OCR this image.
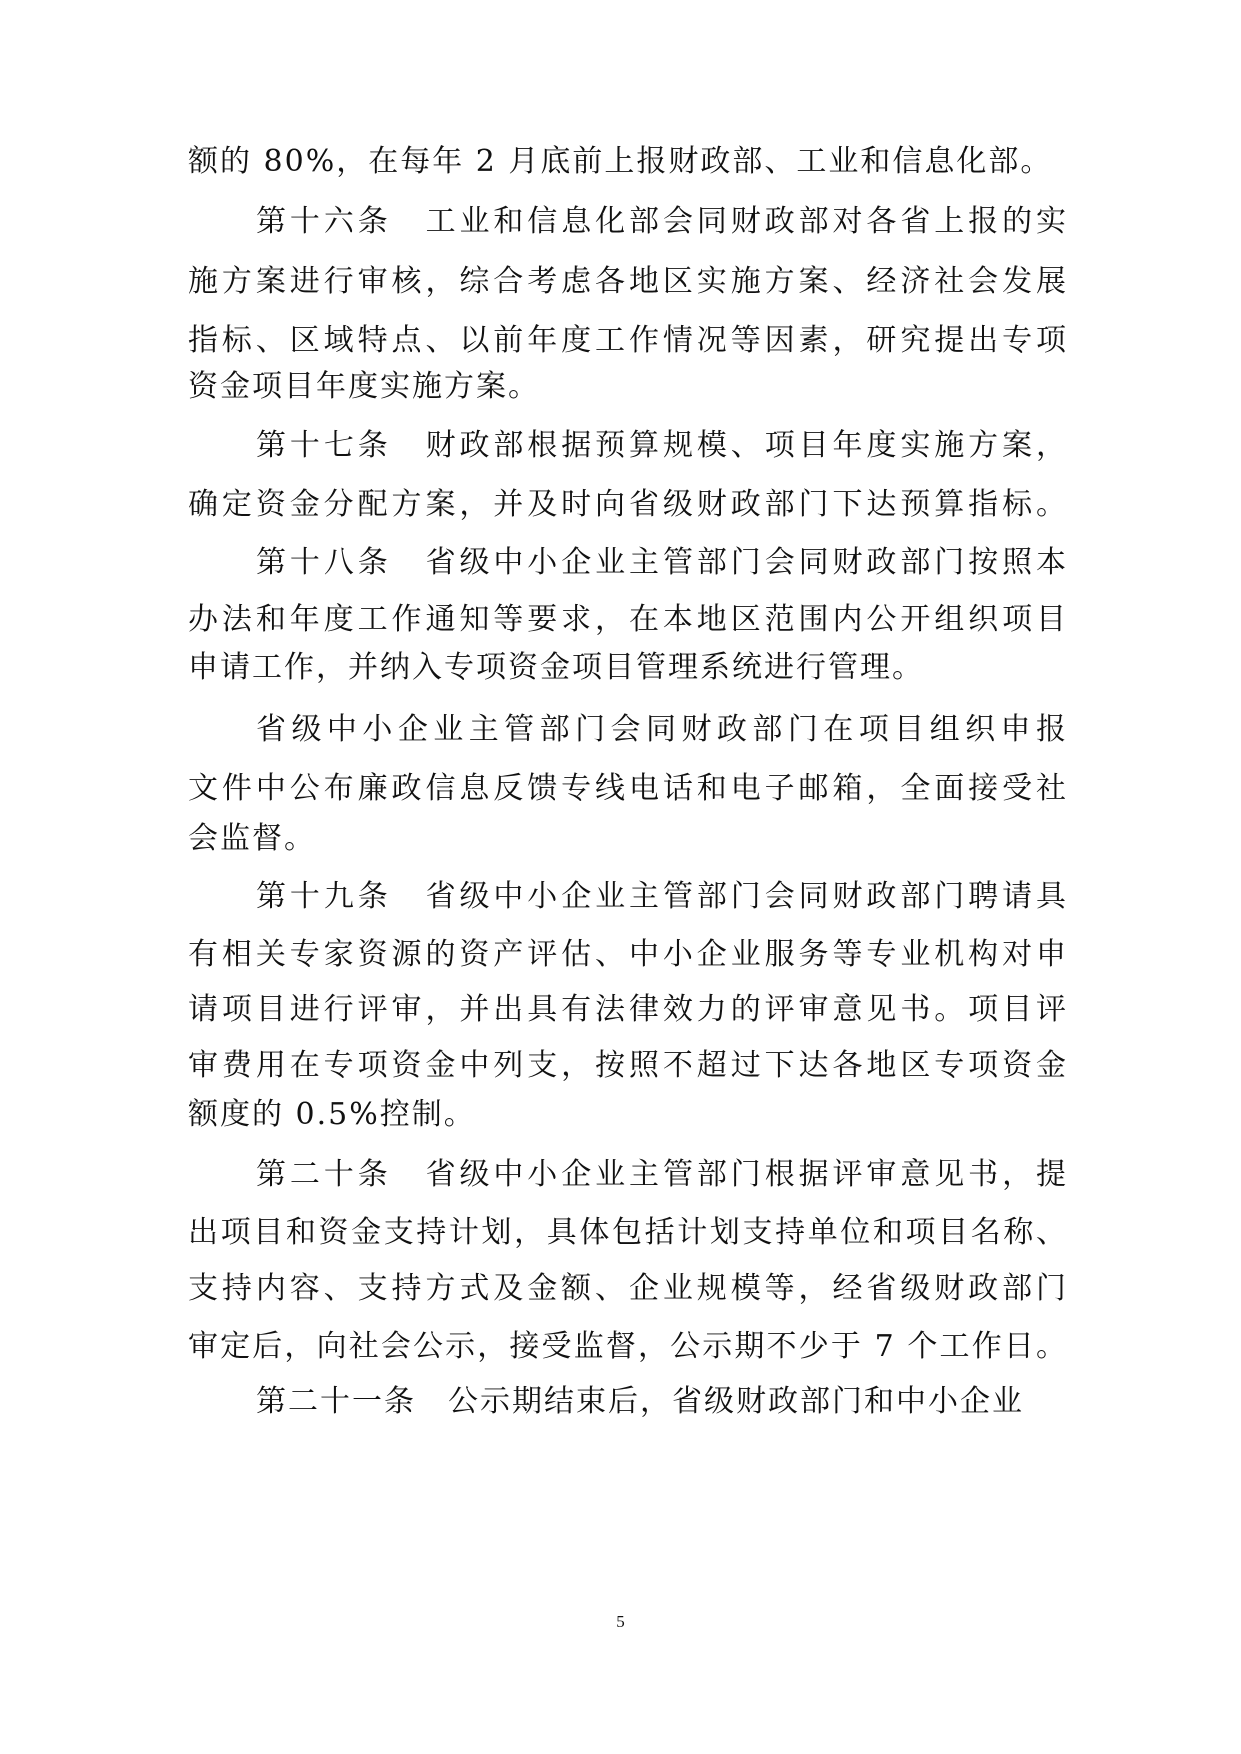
额的 80%，在每年 2 月底前上报财政部、工业和信息化部。
第十六条　工业和信息化部会同财政部对各省上报的实
施方案进行审核，综合考虑各地区实施方案、经济社会发展
指标、区域特点、以前年度工作情况等因素，研究提出专项
资金项目年度实施方案。
第十七条　财政部根据预算规模、项目年度实施方案，
确定资金分配方案，并及时向省级财政部门下达预算指标。
第十八条　省级中小企业主管部门会同财政部门按照本
办法和年度工作通知等要求，在本地区范围内公开组织项目
申请工作，并纳入专项资金项目管理系统进行管理。
省级中小企业主管部门会同财政部门在项目组织申报
文件中公布廉政信息反馈专线电话和电子邮箱，全面接受社
会监督。
第十九条　省级中小企业主管部门会同财政部门聘请具
有相关专家资源的资产评估、中小企业服务等专业机构对申
请项目进行评审，并出具有法律效力的评审意见书。项目评
审费用在专项资金中列支，按照不超过下达各地区专项资金
额度的 0.5%控制。
第二十条　省级中小企业主管部门根据评审意见书，提
出项目和资金支持计划，具体包括计划支持单位和项目名称、
支持内容、支持方式及金额、企业规模等，经省级财政部门
审定后，向社会公示，接受监督，公示期不少于 7 个工作日。
第二十一条　公示期结束后，省级财政部门和中小企业
5
